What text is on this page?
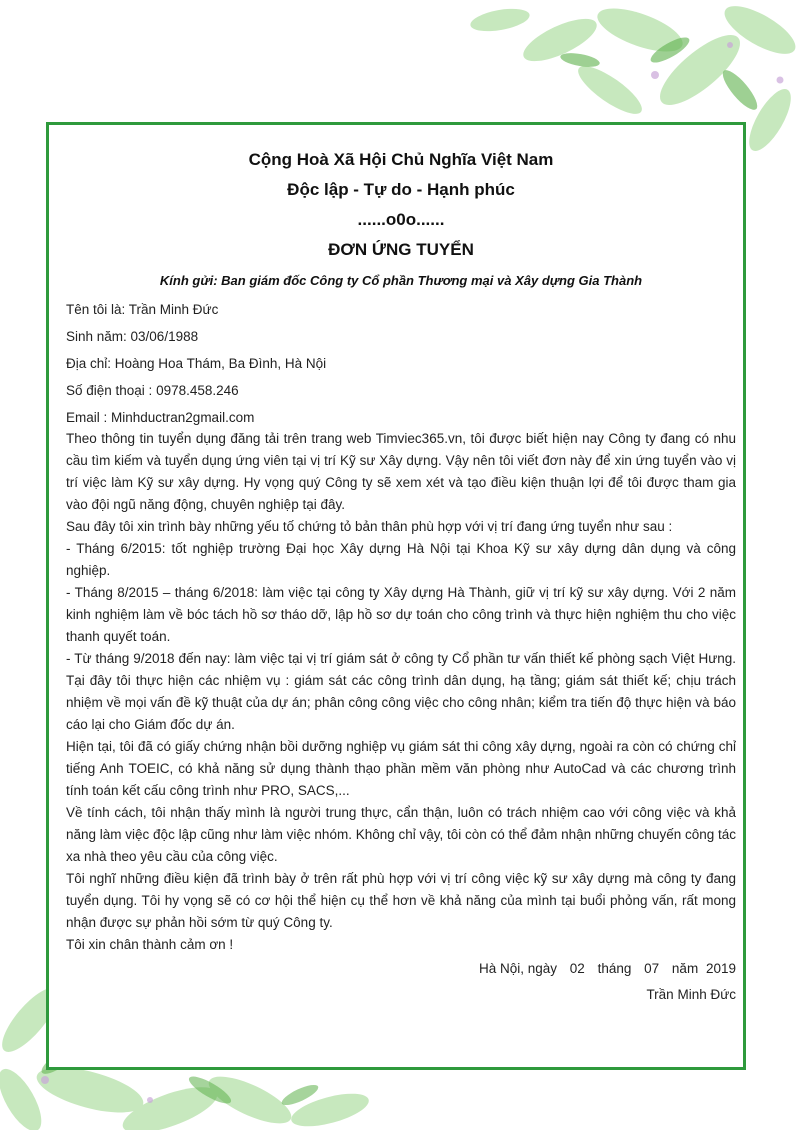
Cộng Hoà Xã Hội Chủ Nghĩa Việt Nam
Độc lập - Tự do - Hạnh phúc
......o0o......
ĐƠN ỨNG TUYỂN
Kính gửi: Ban giám đốc Công ty Cổ phần Thương mại và Xây dựng Gia Thành
Tên tôi là: Trần Minh Đức
Sinh năm: 03/06/1988
Địa chỉ: Hoàng Hoa Thám, Ba Đình, Hà Nội
Số điện thoại : 0978.458.246
Email : Minhductran2gmail.com
Theo thông tin tuyển dụng đăng tải trên trang web Timviec365.vn, tôi được biết hiện nay Công ty đang có nhu cầu tìm kiếm và tuyển dụng ứng viên tại vị trí Kỹ sư Xây dựng. Vậy nên tôi viết đơn này để xin ứng tuyển vào vị trí việc làm Kỹ sư xây dựng. Hy vọng quý Công ty sẽ xem xét và tạo điều kiện thuận lợi để tôi được tham gia vào đội ngũ năng động, chuyên nghiệp tại đây.
Sau đây tôi xin trình bày những yếu tố chứng tỏ bản thân phù hợp với vị trí đang ứng tuyển như sau :
- Tháng 6/2015: tốt nghiệp trường Đại học Xây dựng Hà Nội tại Khoa Kỹ sư xây dựng dân dụng và công nghiệp.
- Tháng 8/2015 – tháng 6/2018: làm việc tại công ty Xây dựng Hà Thành, giữ vị trí kỹ sư xây dựng. Với 2 năm kinh nghiệm làm về bóc tách hồ sơ tháo dỡ, lập hồ sơ dự toán cho công trình và thực hiện nghiệm thu cho việc thanh quyết toán.
- Từ tháng 9/2018 đến nay: làm việc tại vị trí giám sát ở công ty Cổ phần tư vấn thiết kế phòng sạch Việt Hưng. Tại đây tôi thực hiện các nhiệm vụ : giám sát các công trình dân dụng, hạ tầng; giám sát thiết kế; chịu trách nhiệm về mọi vấn đề kỹ thuật của dự án; phân công công việc cho công nhân; kiểm tra tiến độ thực hiện và báo cáo lại cho Giám đốc dự án.
Hiện tại, tôi đã có giấy chứng nhận bồi dưỡng nghiệp vụ giám sát thi công xây dựng, ngoài ra còn có chứng chỉ tiếng Anh TOEIC, có khả năng sử dụng thành thạo phần mềm văn phòng như AutoCad và các chương trình tính toán kết cấu công trình như PRO, SACS,...
Về tính cách, tôi nhận thấy mình là người trung thực, cẩn thận, luôn có trách nhiệm cao với công việc và khả năng làm việc độc lập cũng như làm việc nhóm. Không chỉ vậy, tôi còn có thể đảm nhận những chuyến công tác xa nhà theo yêu cầu của công việc.
Tôi nghĩ những điều kiện đã trình bày ở trên rất phù hợp với vị trí công việc kỹ sư xây dựng mà công ty đang tuyển dụng. Tôi hy vọng sẽ có cơ hội thể hiện cụ thể hơn về khả năng của mình tại buổi phỏng vấn, rất mong nhận được sự phản hồi sớm từ quý Công ty.
Tôi xin chân thành cảm ơn !
Hà Nội, ngày 02 tháng 07 năm 2019
Trần Minh Đức
